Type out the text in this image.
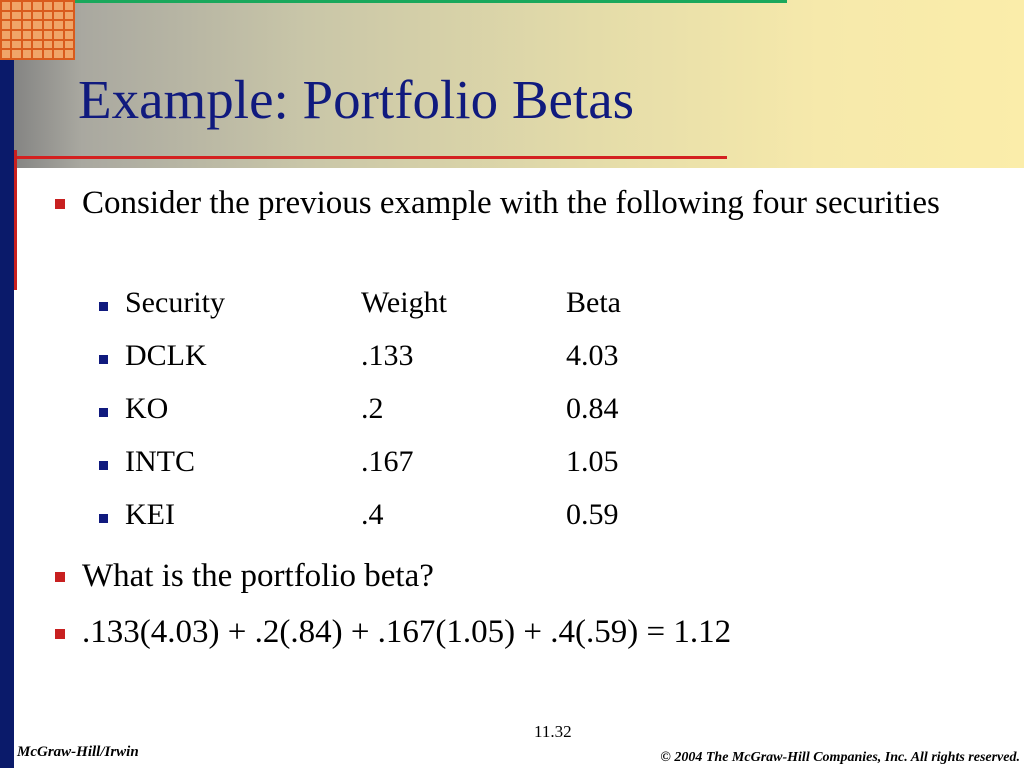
Example: Portfolio Betas
Consider the previous example with the following four securities
Security	Weight	Beta
DCLK	.133	4.03
KO	.2	0.84
INTC	.167	1.05
KEI	.4	0.59
What is the portfolio beta?
.133(4.03) + .2(.84) + .167(1.05) + .4(.59) = 1.12
11.32
McGraw-Hill/Irwin	© 2004 The McGraw-Hill Companies, Inc. All rights reserved.
